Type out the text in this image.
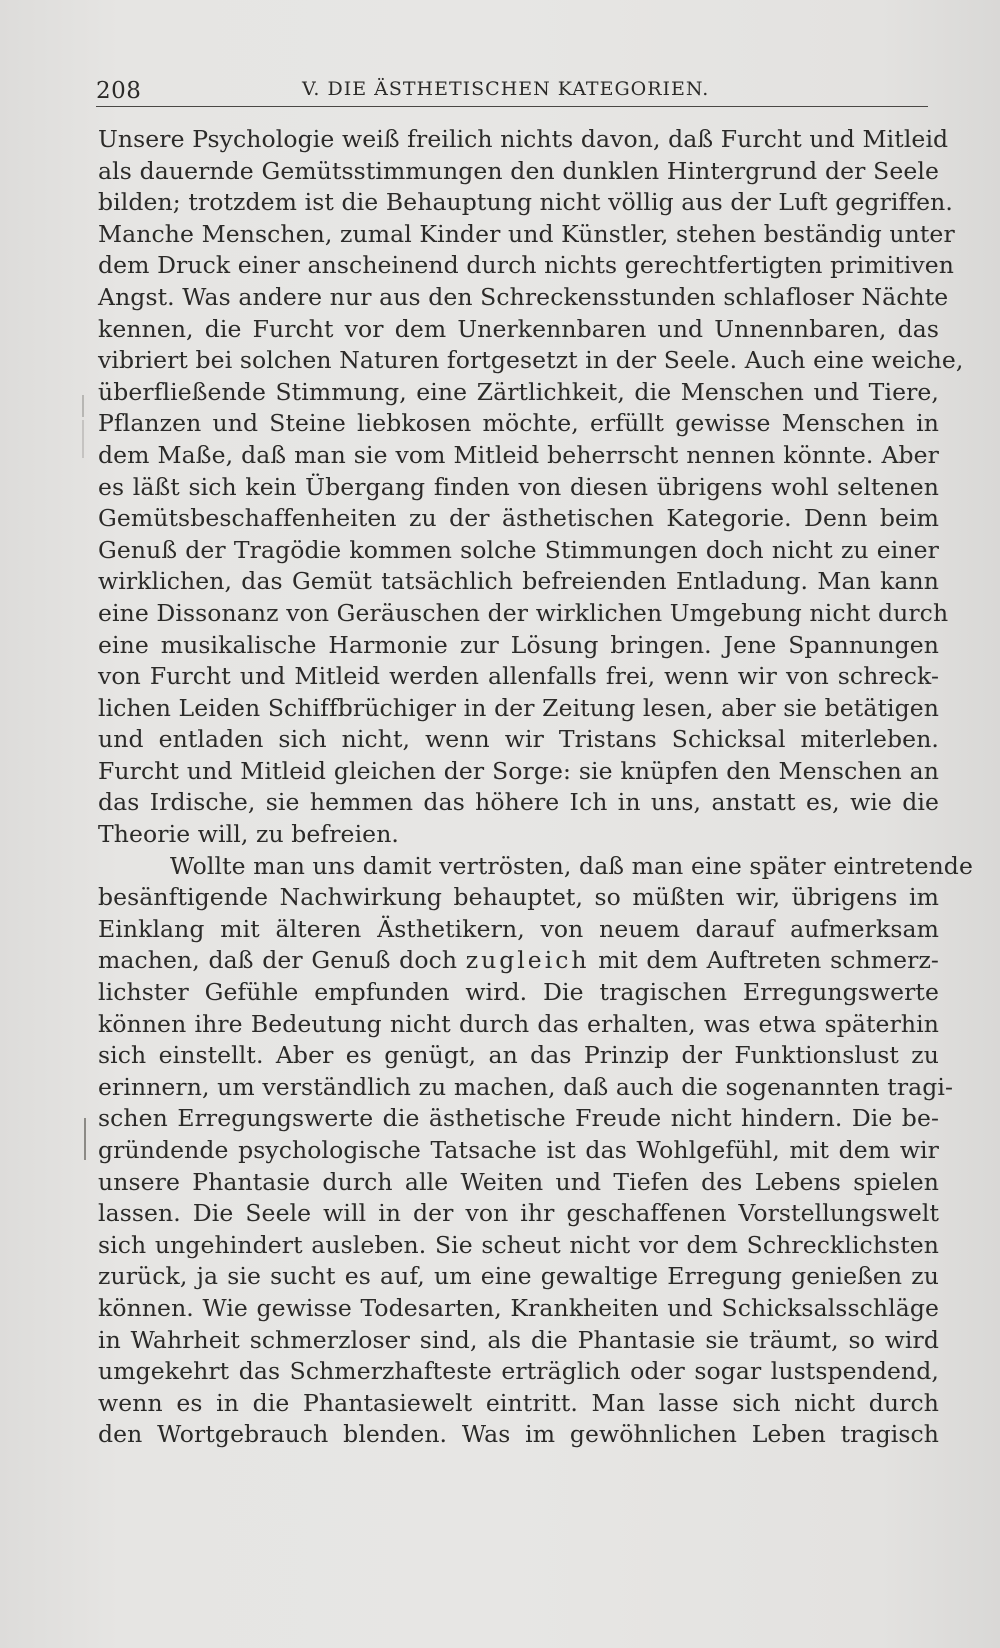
208	V. DIE ÄSTHETISCHEN KATEGORIEN.
Unsere Psychologie weiß freilich nichts davon, daß Furcht und Mitleid
als dauernde Gemütsstimmungen den dunklen Hintergrund der Seele
bilden; trotzdem ist die Behauptung nicht völlig aus der Luft gegriffen.
Manche Menschen, zumal Kinder und Künstler, stehen beständig unter
dem Druck einer anscheinend durch nichts gerechtfertigten primitiven
Angst. Was andere nur aus den Schreckensstunden schlafloser Nächte
kennen, die Furcht vor dem Unerkennbaren und Unnennbaren, das
vibriert bei solchen Naturen fortgesetzt in der Seele. Auch eine weiche,
überfließende Stimmung, eine Zärtlichkeit, die Menschen und Tiere,
Pflanzen und Steine liebkosen möchte, erfüllt gewisse Menschen in
dem Maße, daß man sie vom Mitleid beherrscht nennen könnte. Aber
es läßt sich kein Übergang finden von diesen übrigens wohl seltenen
Gemütsbeschaffenheiten zu der ästhetischen Kategorie. Denn beim
Genuß der Tragödie kommen solche Stimmungen doch nicht zu einer
wirklichen, das Gemüt tatsächlich befreienden Entladung. Man kann
eine Dissonanz von Geräuschen der wirklichen Umgebung nicht durch
eine musikalische Harmonie zur Lösung bringen. Jene Spannungen
von Furcht und Mitleid werden allenfalls frei, wenn wir von schreck-
lichen Leiden Schiffbrüchiger in der Zeitung lesen, aber sie betätigen
und entladen sich nicht, wenn wir Tristans Schicksal miterleben.
Furcht und Mitleid gleichen der Sorge: sie knüpfen den Menschen an
das Irdische, sie hemmen das höhere Ich in uns, anstatt es, wie die
Theorie will, zu befreien.
Wollte man uns damit vertrösten, daß man eine später eintretende
besänftigende Nachwirkung behauptet, so müßten wir, übrigens im
Einklang mit älteren Ästhetikern, von neuem darauf aufmerksam
machen, daß der Genuß doch zugleich mit dem Auftreten schmerz-
lichster Gefühle empfunden wird. Die tragischen Erregungswerte
können ihre Bedeutung nicht durch das erhalten, was etwa späterhin
sich einstellt. Aber es genügt, an das Prinzip der Funktionslust zu
erinnern, um verständlich zu machen, daß auch die sogenannten tragi-
schen Erregungswerte die ästhetische Freude nicht hindern. Die be-
gründende psychologische Tatsache ist das Wohlgefühl, mit dem wir
unsere Phantasie durch alle Weiten und Tiefen des Lebens spielen
lassen. Die Seele will in der von ihr geschaffenen Vorstellungswelt
sich ungehindert ausleben. Sie scheut nicht vor dem Schrecklichsten
zurück, ja sie sucht es auf, um eine gewaltige Erregung genießen zu
können. Wie gewisse Todesarten, Krankheiten und Schicksalsschläge
in Wahrheit schmerzloser sind, als die Phantasie sie träumt, so wird
umgekehrt das Schmerzhafteste erträglich oder sogar lustspendend,
wenn es in die Phantasiewelt eintritt. Man lasse sich nicht durch
den Wortgebrauch blenden. Was im gewöhnlichen Leben tragisch
